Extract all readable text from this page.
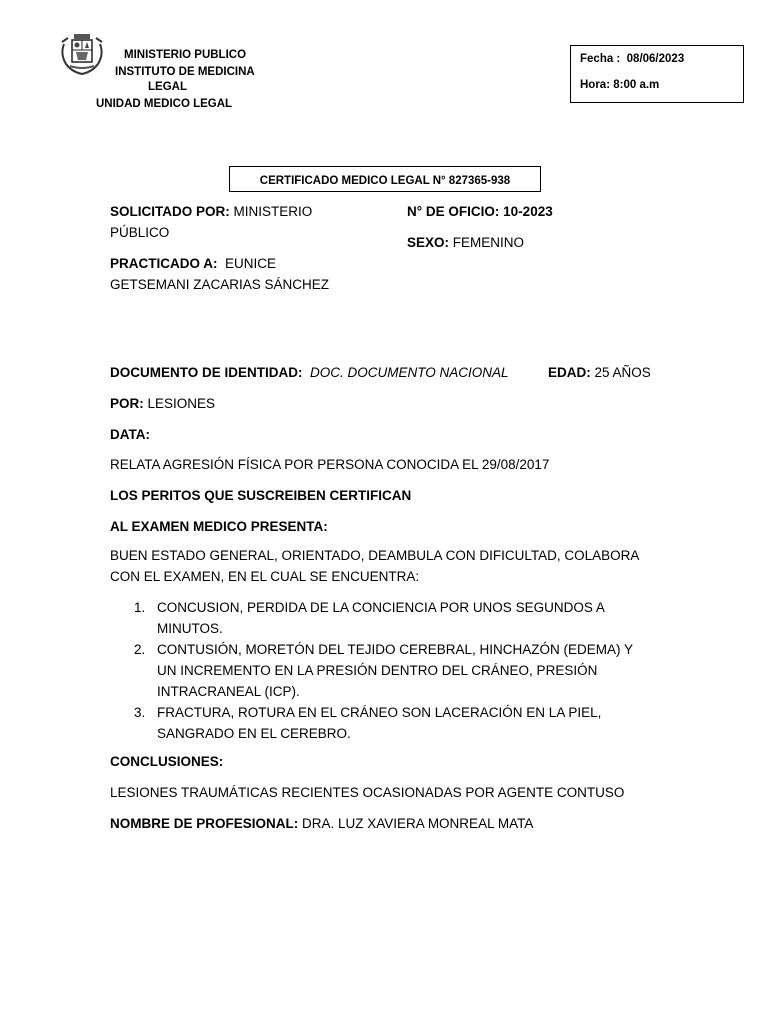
MINISTERIO PUBLICO
INSTITUTO DE MEDICINA
LEGAL
UNIDAD MEDICO LEGAL
Fecha : 08/06/2023
Hora: 8:00 a.m
CERTIFICADO MEDICO LEGAL N° 827365-938
SOLICITADO POR: MINISTERIO
PÚBLICO
N° DE OFICIO: 10-2023
SEXO: FEMENINO
PRACTICADO A: EUNICE
GETSEMANI ZACARIAS SÁNCHEZ
DOCUMENTO DE IDENTIDAD: DOC. DOCUMENTO NACIONAL	EDAD: 25 AÑOS
POR: LESIONES
DATA:
RELATA AGRESIÓN FÍSICA POR PERSONA CONOCIDA EL 29/08/2017
LOS PERITOS QUE SUSCREIBEN CERTIFICAN
AL EXAMEN MEDICO PRESENTA:
BUEN ESTADO GENERAL, ORIENTADO, DEAMBULA CON DIFICULTAD, COLABORA
CON EL EXAMEN, EN EL CUAL SE ENCUENTRA:
1. CONCUSION, PERDIDA DE LA CONCIENCIA POR UNOS SEGUNDOS A
MINUTOS.
2. CONTUSIÓN, MORETÓN DEL TEJIDO CEREBRAL, HINCHAZÓN (EDEMA) Y
UN INCREMENTO EN LA PRESIÓN DENTRO DEL CRÁNEO, PRESIÓN
INTRACRANEAL (ICP).
3. FRACTURA, ROTURA EN EL CRÁNEO SON LACERACIÓN EN LA PIEL,
SANGRADO EN EL CEREBRO.
CONCLUSIONES:
LESIONES TRAUMÁTICAS RECIENTES OCASIONADAS POR AGENTE CONTUSO
NOMBRE DE PROFESIONAL: DRA. LUZ XAVIERA MONREAL MATA
